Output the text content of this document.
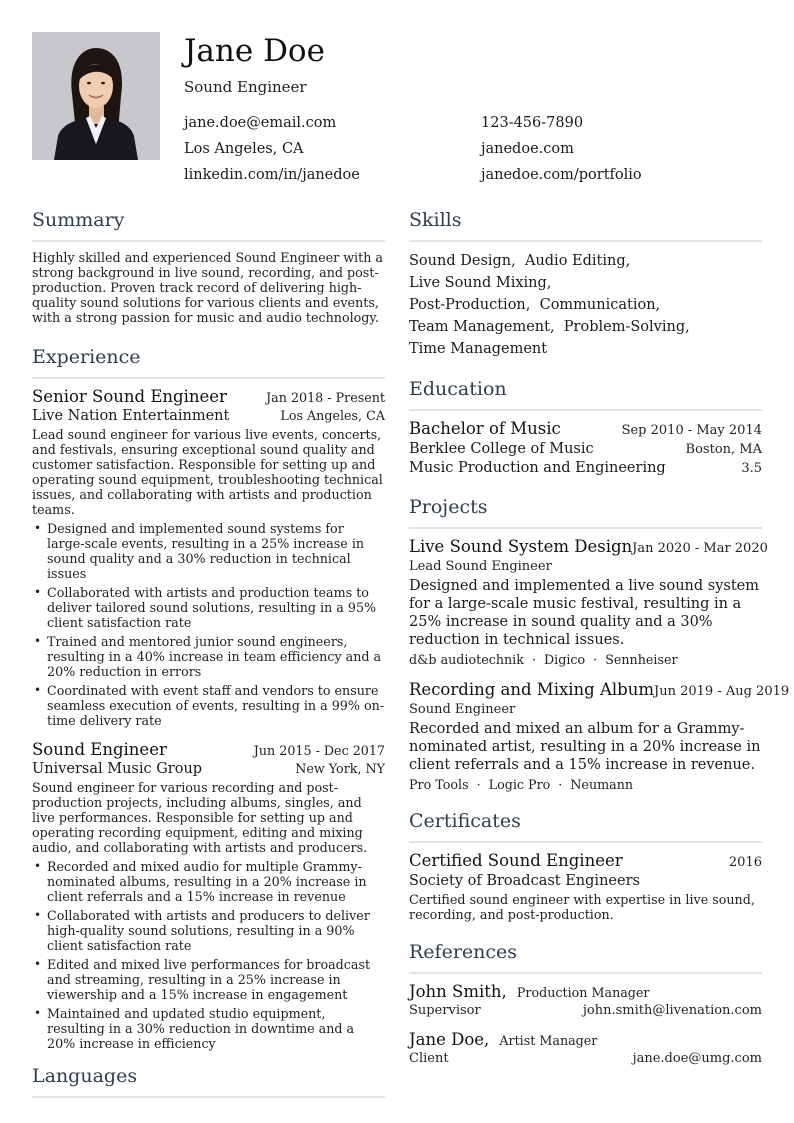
Jane Doe
Sound Engineer
jane.doe@email.com	123-456-7890
Los Angeles, CA	janedoe.com
linkedin.com/in/janedoe	janedoe.com/portfolio
Summary
Highly skilled and experienced Sound Engineer with a strong background in live sound, recording, and post-production. Proven track record of delivering high-quality sound solutions for various clients and events, with a strong passion for music and audio technology.
Experience
Senior Sound Engineer	Jan 2018 - Present
Live Nation Entertainment	Los Angeles, CA
Lead sound engineer for various live events, concerts, and festivals, ensuring exceptional sound quality and customer satisfaction. Responsible for setting up and operating sound equipment, troubleshooting technical issues, and collaborating with artists and production teams.
• Designed and implemented sound systems for large-scale events, resulting in a 25% increase in sound quality and a 30% reduction in technical issues
• Collaborated with artists and production teams to deliver tailored sound solutions, resulting in a 95% client satisfaction rate
• Trained and mentored junior sound engineers, resulting in a 40% increase in team efficiency and a 20% reduction in errors
• Coordinated with event staff and vendors to ensure seamless execution of events, resulting in a 99% on-time delivery rate
Sound Engineer	Jun 2015 - Dec 2017
Universal Music Group	New York, NY
Sound engineer for various recording and post-production projects, including albums, singles, and live performances. Responsible for setting up and operating recording equipment, editing and mixing audio, and collaborating with artists and producers.
• Recorded and mixed audio for multiple Grammy-nominated albums, resulting in a 20% increase in client referrals and a 15% increase in revenue
• Collaborated with artists and producers to deliver high-quality sound solutions, resulting in a 90% client satisfaction rate
• Edited and mixed live performances for broadcast and streaming, resulting in a 25% increase in viewership and a 15% increase in engagement
• Maintained and updated studio equipment, resulting in a 30% reduction in downtime and a 20% increase in efficiency
Languages
Skills
Sound Design, Audio Editing,  Live Sound Mixing,
Post-Production, Communication,
Team Management, Problem-Solving,
Time Management
Education
Bachelor of Music	Sep 2010 - May 2014
Berklee College of Music	Boston, MA
Music Production and Engineering	3.5
Projects
Live Sound System Design Jan 2020 - Mar 2020
Lead Sound Engineer
Designed and implemented a live sound system for a large-scale music festival, resulting in a 25% increase in sound quality and a 30% reduction in technical issues.
d&b audiotechnik · Digico · Sennheiser
Recording and Mixing Album Jun 2019 - Aug 2019
Sound Engineer
Recorded and mixed an album for a Grammy-nominated artist, resulting in a 20% increase in client referrals and a 15% increase in revenue.
Pro Tools · Logic Pro · Neumann
Certificates
Certified Sound Engineer	2016
Society of Broadcast Engineers
Certified sound engineer with expertise in live sound, recording, and post-production.
References
John Smith, Production Manager
Supervisor	john.smith@livenation.com
Jane Doe, Artist Manager
Client	jane.doe@umg.com
